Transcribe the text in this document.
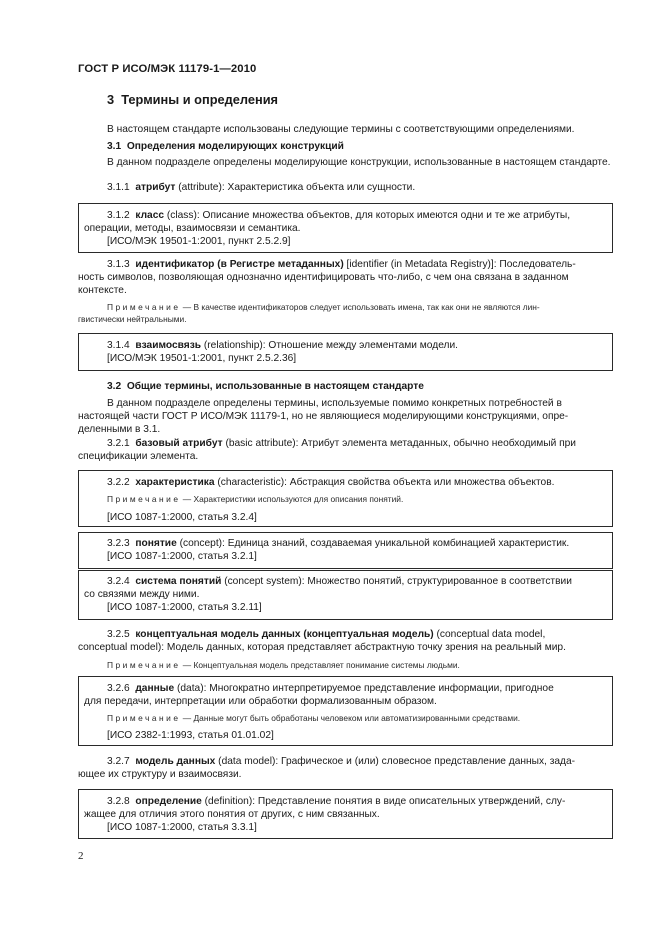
ГОСТ Р ИСО/МЭК 11179-1—2010
3 Термины и определения
В настоящем стандарте использованы следующие термины с соответствующими определениями.
3.1 Определения моделирующих конструкций
В данном подразделе определены моделирующие конструкции, использованные в настоящем стандарте.
3.1.1 атрибут (attribute): Характеристика объекта или сущности.
3.1.2 класс (class): Описание множества объектов, для которых имеются одни и те же атрибуты,
операции, методы, взаимосвязи и семантика.
[ИСО/МЭК 19501-1:2001, пункт 2.5.2.9]
3.1.3 идентификатор (в Регистре метаданных) [identifier (in Metadata Registry)]: Последователь-
ность символов, позволяющая однозначно идентифицировать что-либо, с чем она связана в заданном
контексте.
Примечание — В качестве идентификаторов следует использовать имена, так как они не являются лин-
гвистически нейтральными.
3.1.4 взаимосвязь (relationship): Отношение между элементами модели.
[ИСО/МЭК 19501-1:2001, пункт 2.5.2.36]
3.2 Общие термины, использованные в настоящем стандарте
В данном подразделе определены термины, используемые помимо конкретных потребностей в
настоящей части ГОСТ Р ИСО/МЭК 11179-1, но не являющиеся моделирующими конструкциями, опре-
деленными в 3.1.
3.2.1 базовый атрибут (basic attribute): Атрибут элемента метаданных, обычно необходимый при
спецификации элемента.
3.2.2 характеристика (characteristic): Абстракция свойства объекта или множества объектов.
Примечание — Характеристики используются для описания понятий.
[ИСО 1087-1:2000, статья 3.2.4]
3.2.3 понятие (concept): Единица знаний, создаваемая уникальной комбинацией характеристик.
[ИСО 1087-1:2000, статья 3.2.1]
3.2.4 система понятий (concept system): Множество понятий, структурированное в соответствии
со связями между ними.
[ИСО 1087-1:2000, статья 3.2.11]
3.2.5 концептуальная модель данных (концептуальная модель) (conceptual data model,
conceptual model): Модель данных, которая представляет абстрактную точку зрения на реальный мир.
Примечание — Концептуальная модель представляет понимание системы людьми.
3.2.6 данные (data): Многократно интерпретируемое представление информации, пригодное
для передачи, интерпретации или обработки формализованным образом.
Примечание — Данные могут быть обработаны человеком или автоматизированными средствами.
[ИСО 2382-1:1993, статья 01.01.02]
3.2.7 модель данных (data model): Графическое и (или) словесное представление данных, зада-
ющее их структуру и взаимосвязи.
3.2.8 определение (definition): Представление понятия в виде описательных утверждений, слу-
жащее для отличия этого понятия от других, с ним связанных.
[ИСО 1087-1:2000, статья 3.3.1]
2
